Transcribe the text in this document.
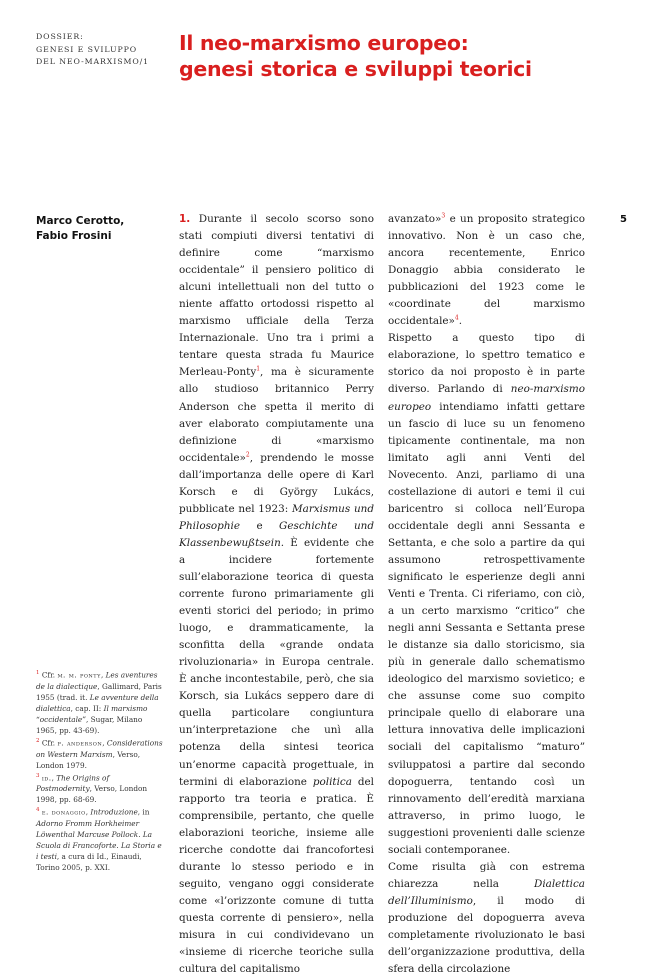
DOSSIER:
GENESI E SVILUPPO
DEL NEO-MARXISMO/1
Il neo-marxismo europeo:
genesi storica e sviluppi teorici
Marco Cerotto,
Fabio Frosini
5

1. Durante il secolo scorso sono stati compiuti diversi tentativi di definire come “marxismo occidentale” il pensiero politico di alcuni intellettuali non del tutto o niente affatto ortodossi rispetto al marxismo ufficiale della Terza Internazionale. Uno tra i primi a tentare questa strada fu Maurice Merleau-Ponty$^1$, ma è sicuramente allo studioso britannico Perry Anderson che spetta il merito di aver elaborato compiutamente una definizione di «marxismo occidentale»$^2$, prendendo le mosse dall’importanza delle opere di Karl Korsch e di György Lukács, pubblicate nel 1923: Marxismus und Philosophie e Geschichte und Klassenbewußtsein. È evidente che a incidere fortemente sull’elaborazione teorica di questa corrente furono primariamente gli eventi storici del periodo; in primo luogo, e drammaticamente, la sconfitta della «grande ondata rivoluzionaria» in Europa centrale. È anche incontestabile, però, che sia Korsch, sia Lukács seppero dare di quella particolare congiuntura un’interpretazione che unì alla potenza della sintesi teorica un’enorme capacità progettuale, in termini di elaborazione politica del rapporto tra teoria e pratica. È comprensibile, pertanto, che quelle elaborazioni teoriche, insieme alle ricerche condotte dai francofortesi durante lo stesso periodo e in seguito, vengano oggi considerate come «l’orizzonte comune di tutta questa corrente di pensiero», nella misura in cui condividevano un «insieme di ricerche teoriche sulla cultura del capitalismo

avanzato»$^3$ e un proposito strategico innovativo. Non è un caso che, ancora recentemente, Enrico Donaggio abbia considerato le pubblicazioni del 1923 come le «coordinate del marxismo occidentale»$^4$.

Rispetto a questo tipo di elaborazione, lo spettro tematico e storico da noi proposto è in parte diverso. Parlando di neo-marxismo europeo intendiamo infatti gettare un fascio di luce su un fenomeno tipicamente continentale, ma non limitato agli anni Venti del Novecento. Anzi, parliamo di una costellazione di autori e temi il cui baricentro si colloca nell’Europa occidentale degli anni Sessanta e Settanta, e che solo a partire da qui assumono retrospettivamente significato le esperienze degli anni Venti e Trenta. Ci riferiamo, con ciò, a un certo marxismo “critico” che negli anni Sessanta e Settanta prese le distanze sia dallo storicismo, sia più in generale dallo schematismo ideologico del marxismo sovietico; e che assunse come suo compito principale quello di elaborare una lettura innovativa delle implicazioni sociali del capitalismo “maturo” sviluppatosi a partire dal secondo dopoguerra, tentando così un rinnovamento dell’eredità marxiana attraverso, in primo luogo, le suggestioni provenienti dalle scienze sociali contemporanee.

Come risulta già con estrema chiarezza nella Dialettica dell’Illuminismo, il modo di produzione del dopoguerra aveva completamente rivoluzionato le basi dell’organizzazione produttiva, della sfera della circolazione

$^1$ Cfr. m. m. ponty, Les aventures de la dialectique, Gallimard, Paris 1955 (trad. it. Le avventure della dialettica, cap. II: Il marxismo “occidentale”, Sugar, Milano 1965, pp. 43-69).

$^2$ Cfr. p. anderson, Considerations on Western Marxism, Verso, London 1979.

$^3$ id., The Origins of Postmodernity, Verso, London 1998, pp. 68-69.

$^4$ e. donaggio, Introduzione, in Adorno Fromm Horkheimer Löwenthal Marcuse Pollock. La Scuola di Francoforte. La Storia e i testi, a cura di Id., Einaudi, Torino 2005, p. XXI.
